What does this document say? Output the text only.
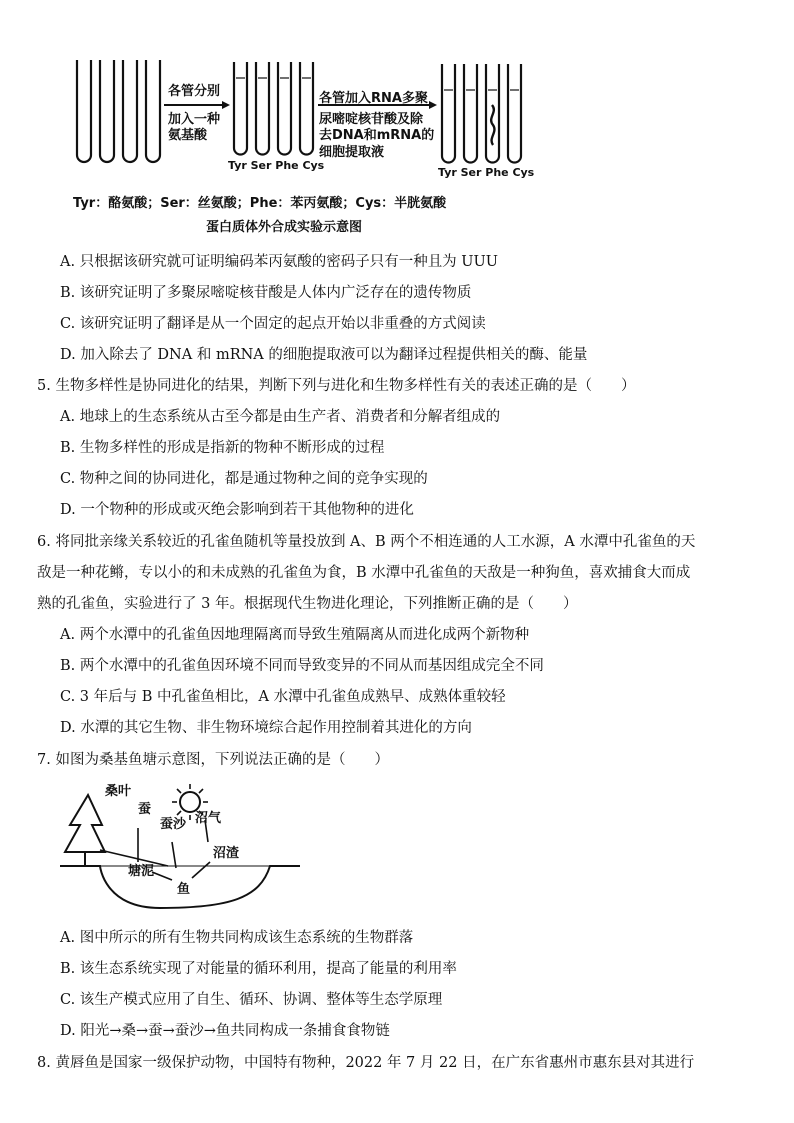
各管分别
加入一种
氨基酸
各管加入RNA多聚
尿嘧啶核苷酸及除
去DNA和mRNA的
细胞提取液
Tyr Ser Phe Cys
Tyr Ser Phe Cys
Tyr：酪氨酸；Ser：丝氨酸；Phe：苯丙氨酸；Cys：半胱氨酸
蛋白质体外合成实验示意图
A. 只根据该研究就可证明编码苯丙氨酸的密码子只有一种且为 UUU
B. 该研究证明了多聚尿嘧啶核苷酸是人体内广泛存在的遗传物质
C. 该研究证明了翻译是从一个固定的起点开始以非重叠的方式阅读
D. 加入除去了 DNA 和 mRNA 的细胞提取液可以为翻译过程提供相关的酶、能量
5. 生物多样性是协同进化的结果，判断下列与进化和生物多样性有关的表述正确的是（　　）
A. 地球上的生态系统从古至今都是由生产者、消费者和分解者组成的
B. 生物多样性的形成是指新的物种不断形成的过程
C. 物种之间的协同进化，都是通过物种之间的竞争实现的
D. 一个物种的形成或灭绝会影响到若干其他物种的进化
6. 将同批亲缘关系较近的孔雀鱼随机等量投放到 A、B 两个不相连通的人工水源，A 水潭中孔雀鱼的天
敌是一种花鳉，专以小的和未成熟的孔雀鱼为食，B 水潭中孔雀鱼的天敌是一种狗鱼，喜欢捕食大而成
熟的孔雀鱼，实验进行了 3 年。根据现代生物进化理论，下列推断正确的是（　　）
A. 两个水潭中的孔雀鱼因地理隔离而导致生殖隔离从而进化成两个新物种
B. 两个水潭中的孔雀鱼因环境不同而导致变异的不同从而基因组成完全不同
C. 3 年后与 B 中孔雀鱼相比，A 水潭中孔雀鱼成熟早、成熟体重较轻
D. 水潭的其它生物、非生物环境综合起作用控制着其进化的方向
7. 如图为桑基鱼塘示意图，下列说法正确的是（　　）
桑叶
蚕
蚕沙 沼气
沼渣
塘泥
鱼
A. 图中所示的所有生物共同构成该生态系统的生物群落
B. 该生态系统实现了对能量的循环利用，提高了能量的利用率
C. 该生产模式应用了自生、循环、协调、整体等生态学原理
D. 阳光→桑→蚕→蚕沙→鱼共同构成一条捕食食物链
8. 黄唇鱼是国家一级保护动物，中国特有物种，2022 年 7 月 22 日，在广东省惠州市惠东县对其进行
